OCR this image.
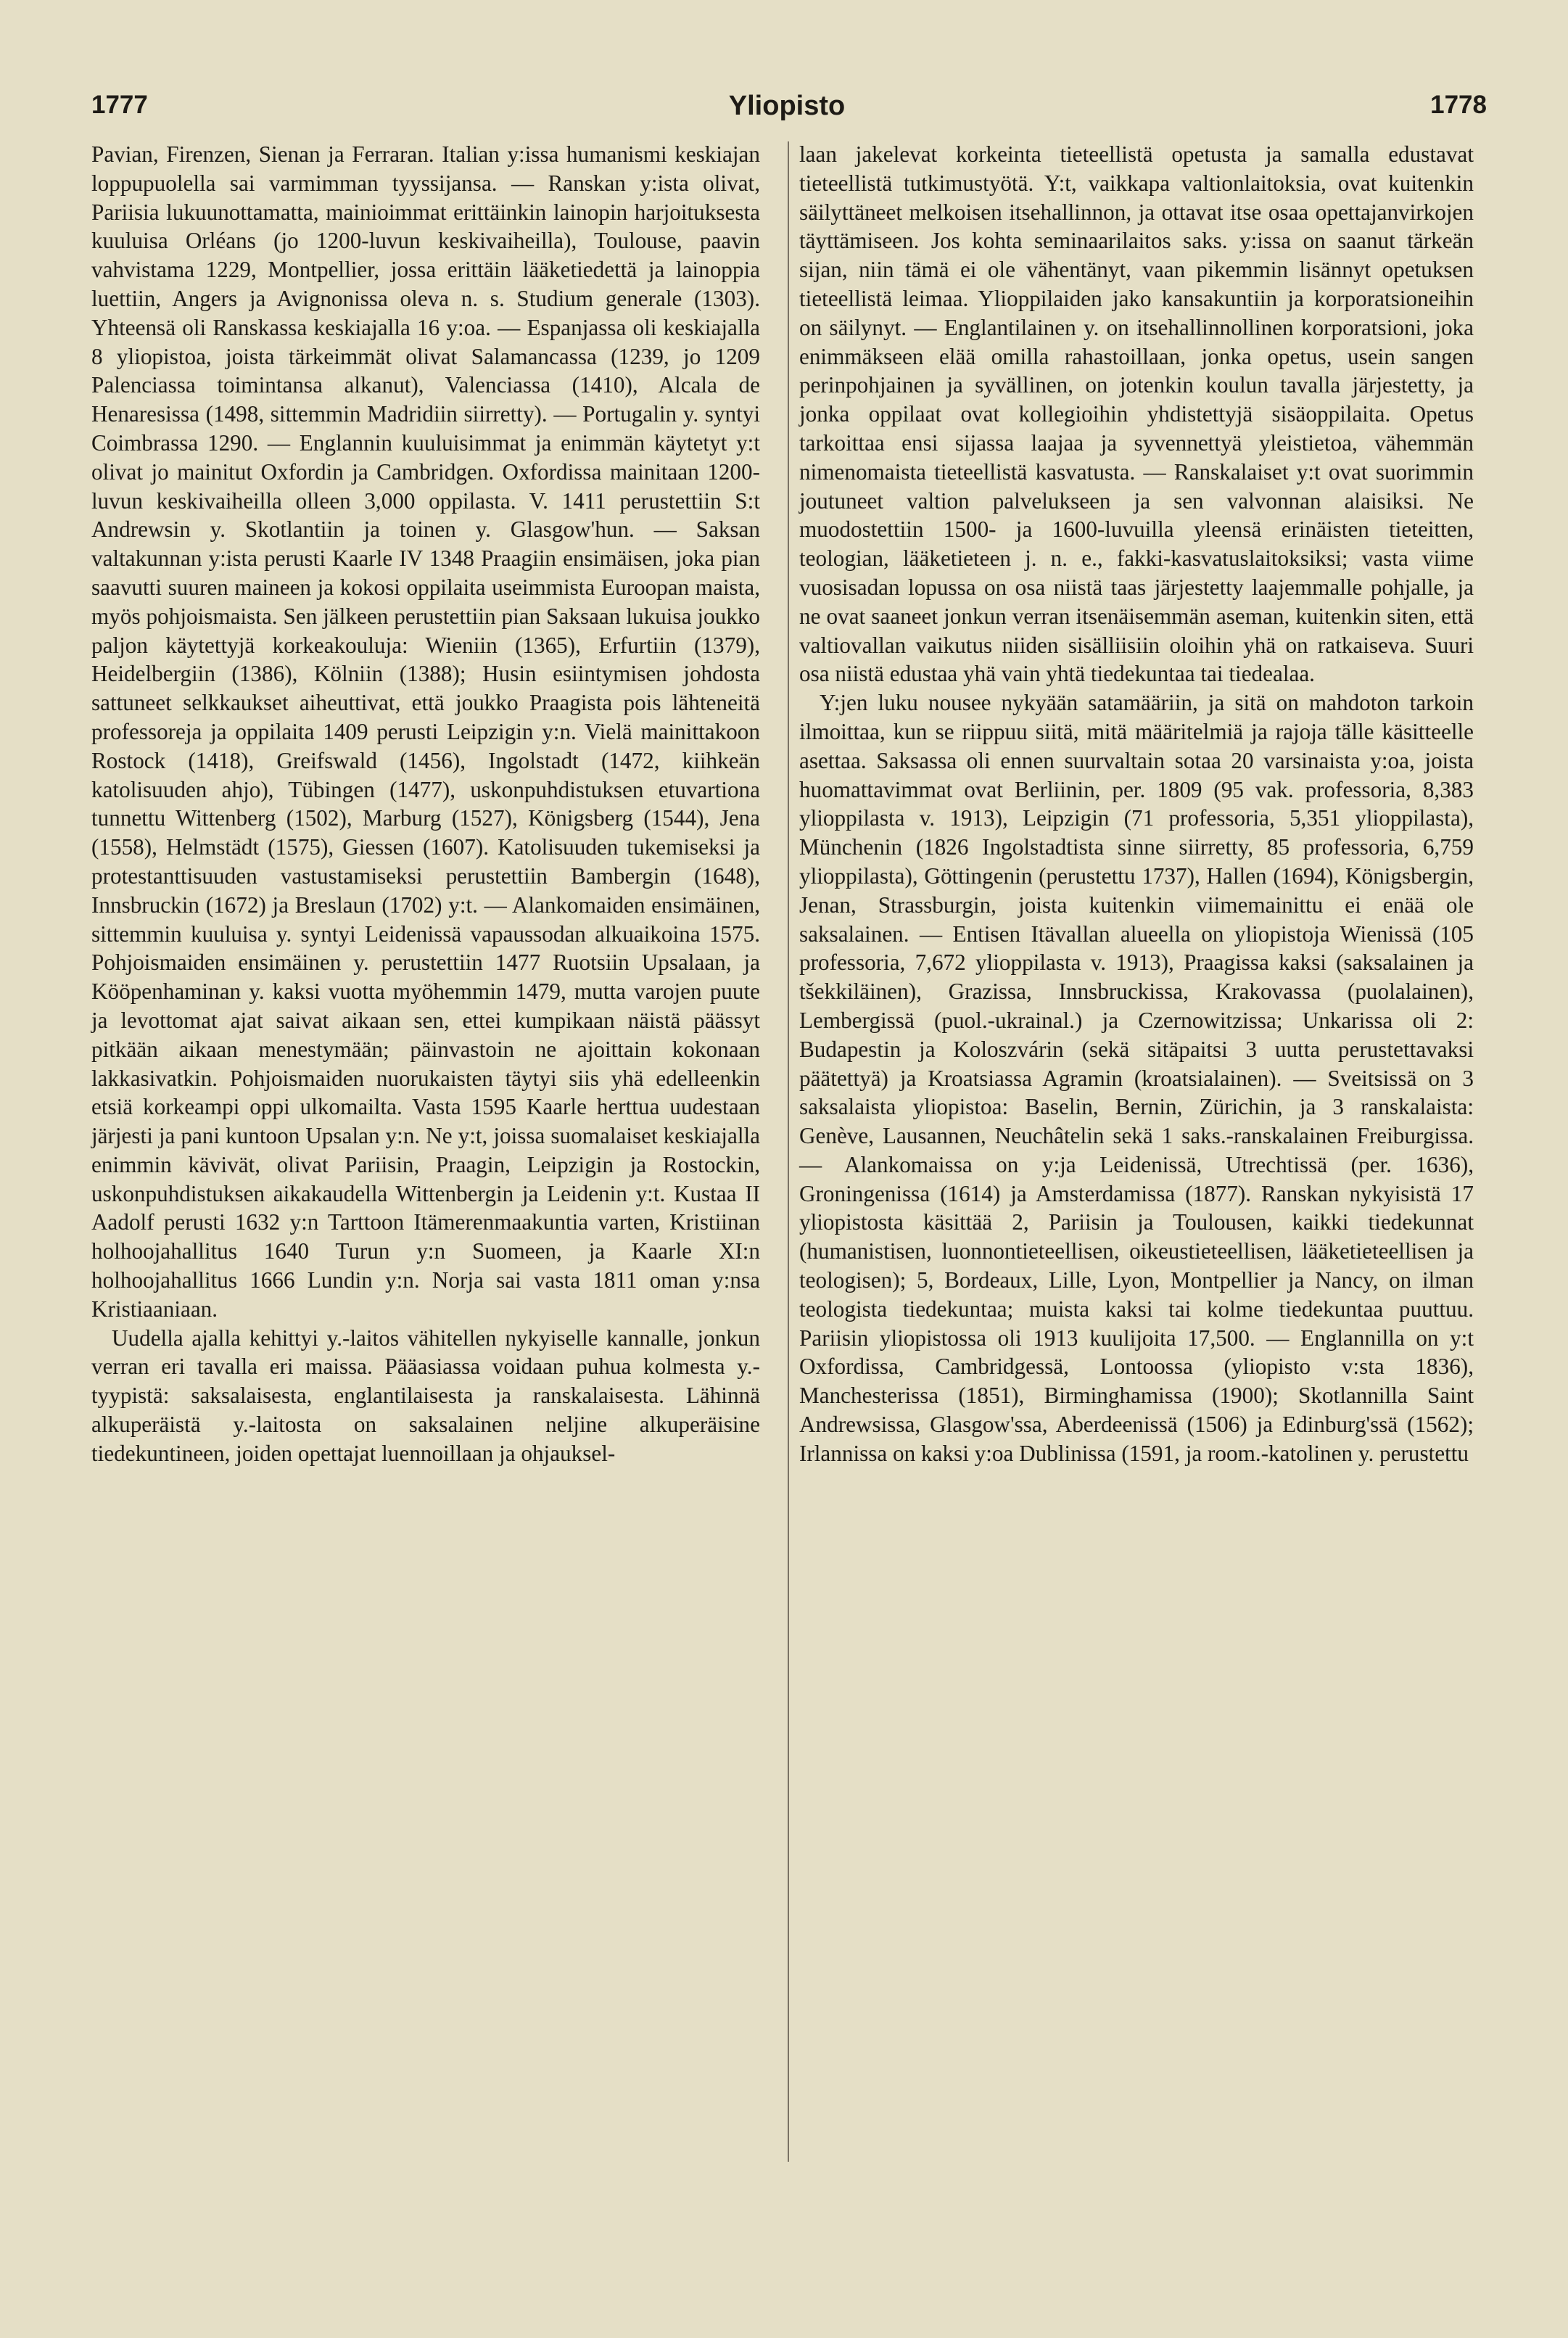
1777	Yliopisto	1778

Pavian, Firenzen, Sienan ja Ferraran. Italian y:issa humanismi keskiajan loppupuolella sai varmimman tyyssijansa. — Ranskan y:ista olivat, Pariisia lukuunottamatta, mainioimmat erittäinkin lainopin harjoituksesta kuuluisa Orléans (jo 1200-luvun keskivaiheilla), Toulouse, paavin vahvistama 1229, Montpellier, jossa erittäin lääketiedettä ja lainoppia luettiin, Angers ja Avignonissa oleva n. s. Studium generale (1303). Yhteensä oli Ranskassa keskiajalla 16 y:oa. — Espanjassa oli keskiajalla 8 yliopistoa, joista tärkeimmät olivat Salamancassa (1239, jo 1209 Palenciassa toimintansa alkanut), Valenciassa (1410), Alcala de Henaresissa (1498, sittemmin Madridiin siirretty). — Portugalin y. syntyi Coimbrassa 1290. — Englannin kuuluisimmat ja enimmän käytetyt y:t olivat jo mainitut Oxfordin ja Cambridgen. Oxfordissa mainitaan 1200-luvun keskivaiheilla olleen 3,000 oppilasta. V. 1411 perustettiin S:t Andrewsin y. Skotlantiin ja toinen y. Glasgow'hun. — Saksan valtakunnan y:ista perusti Kaarle IV 1348 Praagiin ensimäisen, joka pian saavutti suuren maineen ja kokosi oppilaita useimmista Euroopan maista, myös pohjoismaista. Sen jälkeen perustettiin pian Saksaan lukuisa joukko paljon käytettyjä korkeakouluja: Wieniin (1365), Erfurtiin (1379), Heidelbergiin (1386), Kölniin (1388); Husin esiintymisen johdosta sattuneet selkkaukset aiheuttivat, että joukko Praagista pois lähteneitä professoreja ja oppilaita 1409 perusti Leipzigin y:n. Vielä mainittakoon Rostock (1418), Greifswald (1456), Ingolstadt (1472, kiihkeän katolisuuden ahjo), Tübingen (1477), uskonpuhdistuksen etuvartiona tunnettu Wittenberg (1502), Marburg (1527), Königsberg (1544), Jena (1558), Helmstädt (1575), Giessen (1607). Katolisuuden tukemiseksi ja protestanttisuuden vastustamiseksi perustettiin Bambergin (1648), Innsbruckin (1672) ja Breslaun (1702) y:t. — Alankomaiden ensimäinen, sittemmin kuuluisa y. syntyi Leidenissä vapaussodan alkuaikoina 1575. Pohjoismaiden ensimäinen y. perustettiin 1477 Ruotsiin Upsalaan, ja Kööpenhaminan y. kaksi vuotta myöhemmin 1479, mutta varojen puute ja levottomat ajat saivat aikaan sen, ettei kumpikaan näistä päässyt pitkään aikaan menestymään; päinvastoin ne ajoittain kokonaan lakkasivatkin. Pohjoismaiden nuorukaisten täytyi siis yhä edelleenkin etsiä korkeampi oppi ulkomailta. Vasta 1595 Kaarle herttua uudestaan järjesti ja pani kuntoon Upsalan y:n. Ne y:t, joissa suomalaiset keskiajalla enimmin kävivät, olivat Pariisin, Praagin, Leipzigin ja Rostockin, uskonpuhdistuksen aikakaudella Wittenbergin ja Leidenin y:t. Kustaa II Aadolf perusti 1632 y:n Tarttoon Itämerenmaakuntia varten, Kristiinan holhoojahallitus 1640 Turun y:n Suomeen, ja Kaarle XI:n holhoojahallitus 1666 Lundin y:n. Norja sai vasta 1811 oman y:nsa Kristiaaniaan.

Uudella ajalla kehittyi y.-laitos vähitellen nykyiselle kannalle, jonkun verran eri tavalla eri maissa. Pääasiassa voidaan puhua kolmesta y.-tyypistä: saksalaisesta, englantilaisesta ja ranskalaisesta. Lähinnä alkuperäistä y.-laitosta on saksalainen neljine alkuperäisine tiedekuntineen, joiden opettajat luennoillaan ja ohjauksel-

laan jakelevat korkeinta tieteellistä opetusta ja samalla edustavat tieteellistä tutkimustyötä. Y:t, vaikkapa valtionlaitoksia, ovat kuitenkin säilyttäneet melkoisen itsehallinnon, ja ottavat itse osaa opettajanvirkojen täyttämiseen. Jos kohta seminaarilaitos saks. y:issa on saanut tärkeän sijan, niin tämä ei ole vähentänyt, vaan pikemmin lisännyt opetuksen tieteellistä leimaa. Ylioppilaiden jako kansakuntiin ja korporatsioneihin on säilynyt. — Englantilainen y. on itsehallinnollinen korporatsioni, joka enimmäkseen elää omilla rahastoillaan, jonka opetus, usein sangen perinpohjainen ja syvällinen, on jotenkin koulun tavalla järjestetty, ja jonka oppilaat ovat kollegioihin yhdistettyjä sisäoppilaita. Opetus tarkoittaa ensi sijassa laajaa ja syvennettyä yleistietoa, vähemmän nimenomaista tieteellistä kasvatusta. — Ranskalaiset y:t ovat suorimmin joutuneet valtion palvelukseen ja sen valvonnan alaisiksi. Ne muodostettiin 1500- ja 1600-luvuilla yleensä erinäisten tieteitten, teologian, lääketieteen j. n. e., fakki-kasvatuslaitoksiksi; vasta viime vuosisadan lopussa on osa niistä taas järjestetty laajemmalle pohjalle, ja ne ovat saaneet jonkun verran itsenäisemmän aseman, kuitenkin siten, että valtiovallan vaikutus niiden sisälliisiin oloihin yhä on ratkaiseva. Suuri osa niistä edustaa yhä vain yhtä tiedekuntaa tai tiedealaa.

Y:jen luku nousee nykyään satamääriin, ja sitä on mahdoton tarkoin ilmoittaa, kun se riippuu siitä, mitä määritelmiä ja rajoja tälle käsitteelle asettaa. Saksassa oli ennen suurvaltain sotaa 20 varsinaista y:oa, joista huomattavimmat ovat Berliinin, per. 1809 (95 vak. professoria, 8,383 ylioppilasta v. 1913), Leipzigin (71 professoria, 5,351 ylioppilasta), Münchenin (1826 Ingolstadtista sinne siirretty, 85 professoria, 6,759 ylioppilasta), Göttingenin (perustettu 1737), Hallen (1694), Königsbergin, Jenan, Strassburgin, joista kuitenkin viimemainittu ei enää ole saksalainen. — Entisen Itävallan alueella on yliopistoja Wienissä (105 professoria, 7,672 ylioppilasta v. 1913), Praagissa kaksi (saksalainen ja tšekkiläinen), Grazissa, Innsbruckissa, Krakovassa (puolalainen), Lembergissä (puol.-ukrainal.) ja Czernowitzissa; Unkarissa oli 2: Budapestin ja Koloszvárin (sekä sitäpaitsi 3 uutta perustettavaksi päätettyä) ja Kroatsiassa Agramin (kroatsialainen). — Sveitsissä on 3 saksalaista yliopistoa: Baselin, Bernin, Zürichin, ja 3 ranskalaista: Genève, Lausannen, Neuchâtelin sekä 1 saks.-ranskalainen Freiburgissa. — Alankomaissa on y:ja Leidenissä, Utrechtissä (per. 1636), Groningenissa (1614) ja Amsterdamissa (1877). Ranskan nykyisistä 17 yliopistosta käsittää 2, Pariisin ja Toulousen, kaikki tiedekunnat (humanistisen, luonnontieteellisen, oikeustieteellisen, lääketieteellisen ja teologisen); 5, Bordeaux, Lille, Lyon, Montpellier ja Nancy, on ilman teologista tiedekuntaa; muista kaksi tai kolme tiedekuntaa puuttuu. Pariisin yliopistossa oli 1913 kuulijoita 17,500. — Englannilla on y:t Oxfordissa, Cambridgessä, Lontoossa (yliopisto v:sta 1836), Manchesterissa (1851), Birminghamissa (1900); Skotlannilla Saint Andrewsissa, Glasgow'ssa, Aberdeenissä (1506) ja Edinburg'ssä (1562); Irlannissa on kaksi y:oa Dublinissa (1591, ja room.-katolinen y. perustettu
